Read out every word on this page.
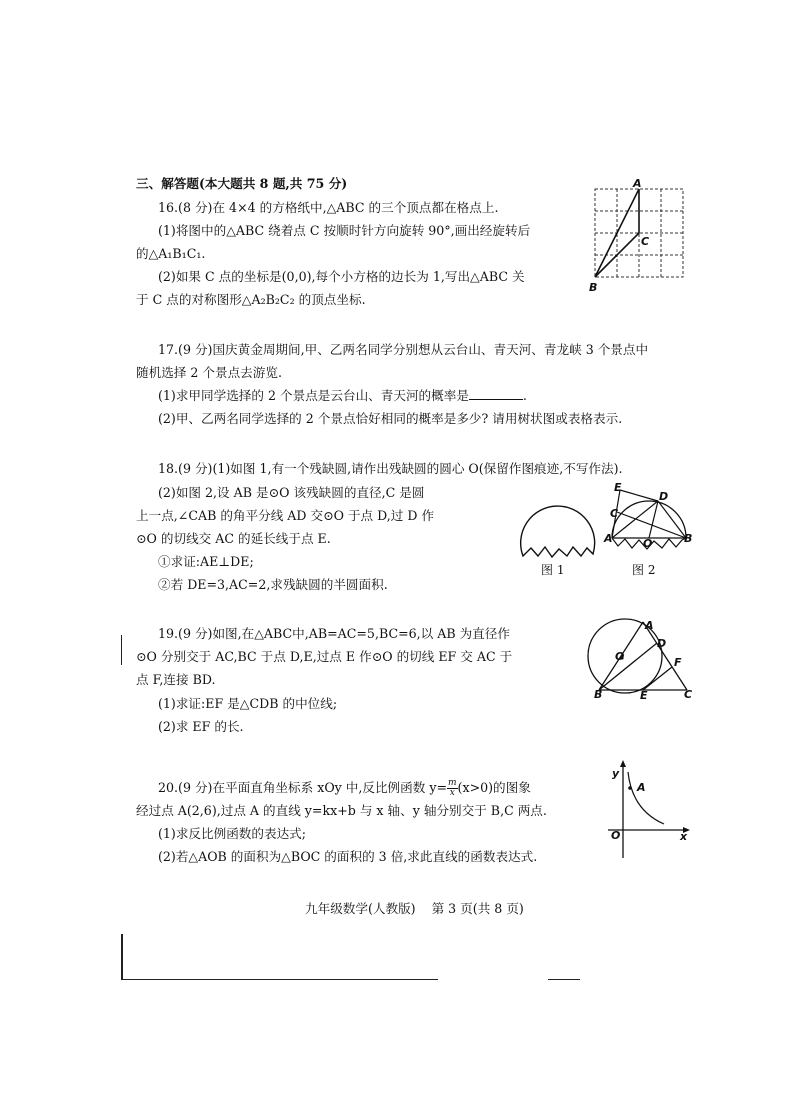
三、解答题(本大题共 8 题,共 75 分)
16.(8 分)在 4×4 的方格纸中,△ABC 的三个顶点都在格点上.
(1)将图中的△ABC 绕着点 C 按顺时针方向旋转 90°,画出经旋转后
的△A₁B₁C₁.
(2)如果 C 点的坐标是(0,0),每个小方格的边长为 1,写出△ABC 关
于 C 点的对称图形△A₂B₂C₂ 的顶点坐标.
A
C
B
17.(9 分)国庆黄金周期间,甲、乙两名同学分别想从云台山、青天河、青龙峡 3 个景点中
随机选择 2 个景点去游览.
(1)求甲同学选择的 2 个景点是云台山、青天河的概率是	.
(2)甲、乙两名同学选择的 2 个景点恰好相同的概率是多少? 请用树状图或表格表示.
18.(9 分)(1)如图 1,有一个残缺圆,请作出残缺圆的圆心 O(保留作图痕迹,不写作法).
(2)如图 2,设 AB 是⊙O 该残缺圆的直径,C 是圆
上一点,∠CAB 的角平分线 AD 交⊙O 于点 D,过 D 作
⊙O 的切线交 AC 的延长线于点 E.
①求证:AE⊥DE;
②若 DE=3,AC=2,求残缺圆的半圆面积.
图 1
E
D
C
A	O	B
图 2
19.(9 分)如图,在△ABC中,AB=AC=5,BC=6,以 AB 为直径作
⊙O 分别交于 AC,BC 于点 D,E,过点 E 作⊙O 的切线 EF 交 AC 于
点 F,连接 BD.
(1)求证:EF 是△CDB 的中位线;
(2)求 EF 的长.
A
D
O	F
B	E	C
20.(9 分)在平面直角坐标系 xOy 中,反比例函数 $y= \frac{m}{x} (x>0)$的图象
经过点 A(2,6),过点 A 的直线 y=kx+b 与 x 轴、y 轴分别交于 B,C 两点.
(1)求反比例函数的表达式;
(2)若△AOB 的面积为△BOC 的面积的 3 倍,求此直线的函数表达式.
y
A
O	x
九年级数学(人教版)    第 3 页(共 8 页)
